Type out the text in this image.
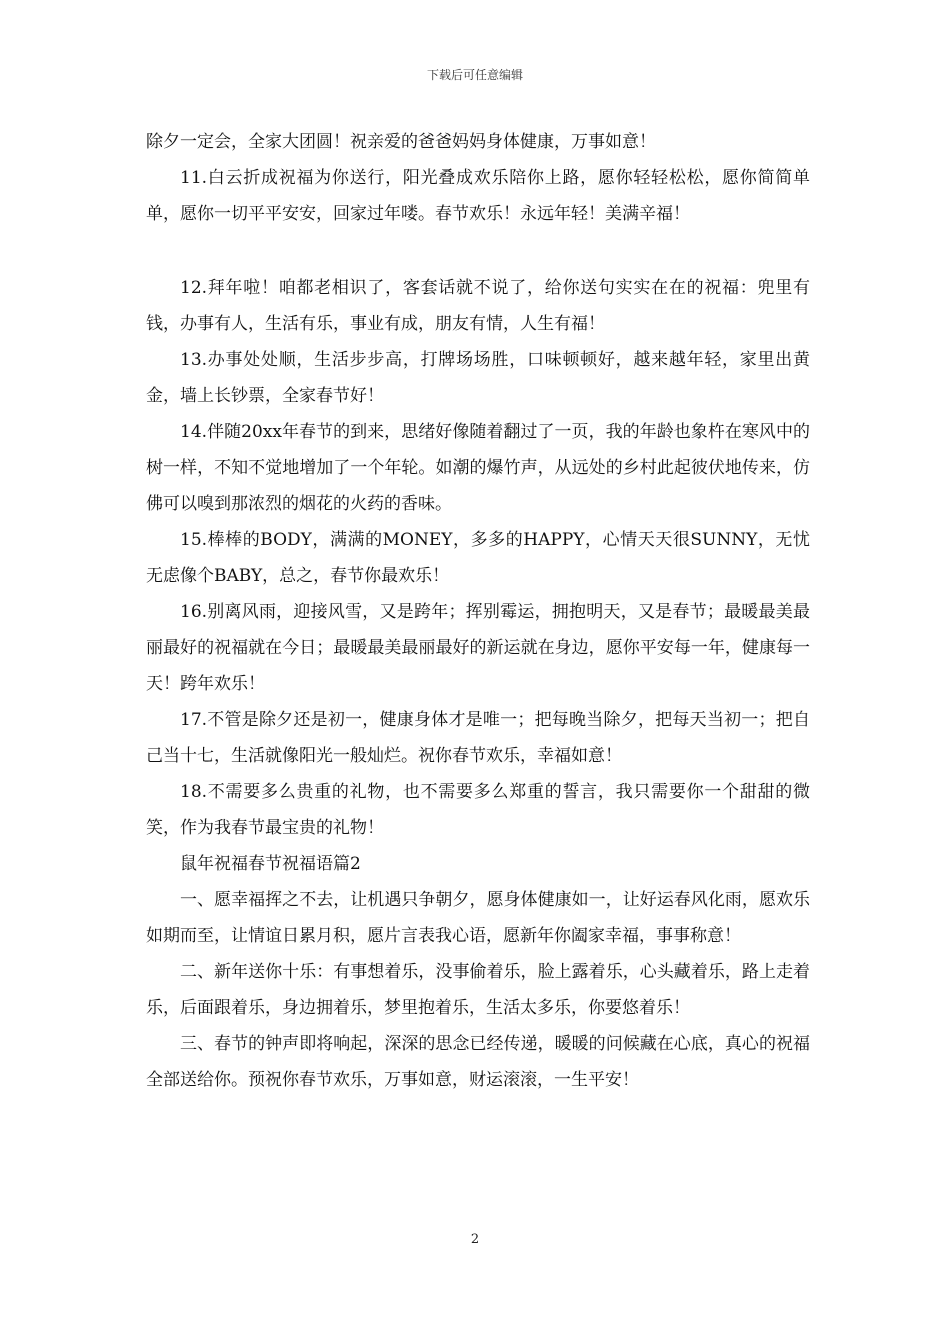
下载后可任意编辑

除夕一定会，全家大团圆！祝亲爱的爸爸妈妈身体健康，万事如意！

11.白云折成祝福为你送行，阳光叠成欢乐陪你上路，愿你轻轻松松，愿你简简单单，愿你一切平平安安，回家过年喽。春节欢乐！永远年轻！美满辛福！

12.拜年啦！咱都老相识了，客套话就不说了，给你送句实实在在的祝福：兜里有钱，办事有人，生活有乐，事业有成，朋友有情，人生有福！

13.办事处处顺，生活步步高，打牌场场胜，口味顿顿好，越来越年轻，家里出黄金，墙上长钞票，全家春节好！

14.伴随20xx年春节的到来，思绪好像随着翻过了一页，我的年龄也象杵在寒风中的树一样，不知不觉地增加了一个年轮。如潮的爆竹声，从远处的乡村此起彼伏地传来，仿佛可以嗅到那浓烈的烟花的火药的香味。

15.棒棒的BODY，满满的MONEY，多多的HAPPY，心情天天很SUNNY，无忧无虑像个BABY，总之，春节你最欢乐！

16.别离风雨，迎接风雪，又是跨年；挥别霉运，拥抱明天，又是春节；最暖最美最丽最好的祝福就在今日；最暖最美最丽最好的新运就在身边，愿你平安每一年，健康每一天！跨年欢乐！

17.不管是除夕还是初一，健康身体才是唯一；把每晚当除夕，把每天当初一；把自己当十七，生活就像阳光一般灿烂。祝你春节欢乐，幸福如意！

18.不需要多么贵重的礼物，也不需要多么郑重的誓言，我只需要你一个甜甜的微笑，作为我春节最宝贵的礼物！

鼠年祝福春节祝福语篇2

一、愿幸福挥之不去，让机遇只争朝夕，愿身体健康如一，让好运春风化雨，愿欢乐如期而至，让情谊日累月积，愿片言表我心语，愿新年你阖家幸福，事事称意！

二、新年送你十乐：有事想着乐，没事偷着乐，脸上露着乐，心头藏着乐，路上走着乐，后面跟着乐，身边拥着乐，梦里抱着乐，生活太多乐，你要悠着乐！

三、春节的钟声即将响起，深深的思念已经传递，暖暖的问候藏在心底，真心的祝福全部送给你。预祝你春节欢乐，万事如意，财运滚滚，一生平安！

2
